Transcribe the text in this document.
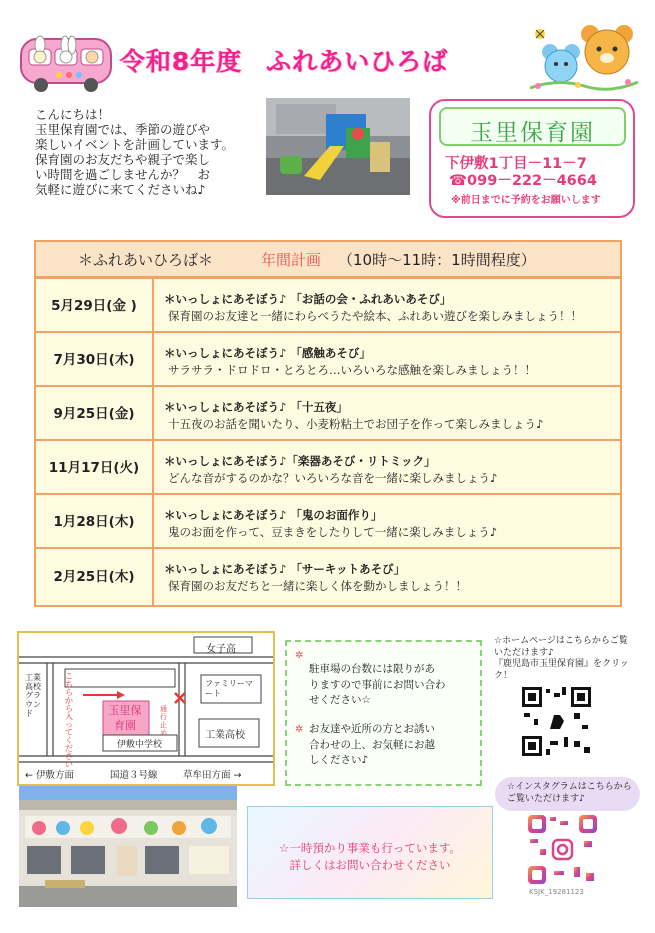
令和8年度 ふれあいひろば
こんにちは！
玉里保育園では、季節の遊びや
楽しいイベントを計画しています。
保育園のお友だちや親子で楽し
い時間を過ごしませんか？　お
気軽に遊びに来てくださいね♪
玉里保育園
下伊敷1丁目－11－7
☎099－222－4664
※前日までに予約をお願いします
＊ふれあいひろば＊	年間計画 （10時～11時：1時間程度）
5月29日(金 )	＊いっしょにあそぼう♪ 「お話の会・ふれあいあそび」
保育園のお友達と一緒にわらべうたや絵本、ふれあい遊びを楽しみましょう！！
7月30日(木)	＊いっしょにあそぼう♪ 「感触あそび」
サラサラ・ドロドロ・とろとろ…いろいろな感触を楽しみましょう！！
9月25日(金)	＊いっしょにあそぼう♪ 「十五夜」
十五夜のお話を聞いたり、小麦粉粘土でお団子を作って楽しみましょう♪
11月17日(火)	＊いっしょにあそぼう♪「楽器あそび・リトミック」
どんな音がするのかな？いろいろな音を一緒に楽しみましょう♪
1月28日(木)	＊いっしょにあそぼう♪ 「鬼のお面作り」
鬼のお面を作って、豆まきをしたりして一緒に楽しみましょう♪
2月25日(木)	＊いっしょにあそぼう♪ 「サーキットあそび」
保育園のお友だちと一緒に楽しく体を動かしましょう！！
女子高
工業高校グラウンド
こちらから入ってください
通行止め
ファミリーマート
玉里保育園
伊敷中学校
工業高校
← 伊敷方面	国道３号線	草牟田方面 →
✲
駐車場の台数には限りがあ
りますので事前にお問い合わ
せください☆
✲ お友達や近所の方とお誘い
合わせの上、お気軽にお越
しください♪
☆ホームページはこちらからご覧
いただけます♪
『鹿児島市玉里保育園』をクリック！
☆インスタグラムはこちらから
ご覧いただけます♪
KSJK_19281123
☆一時預かり事業も行っています。
詳しくはお問い合わせください
